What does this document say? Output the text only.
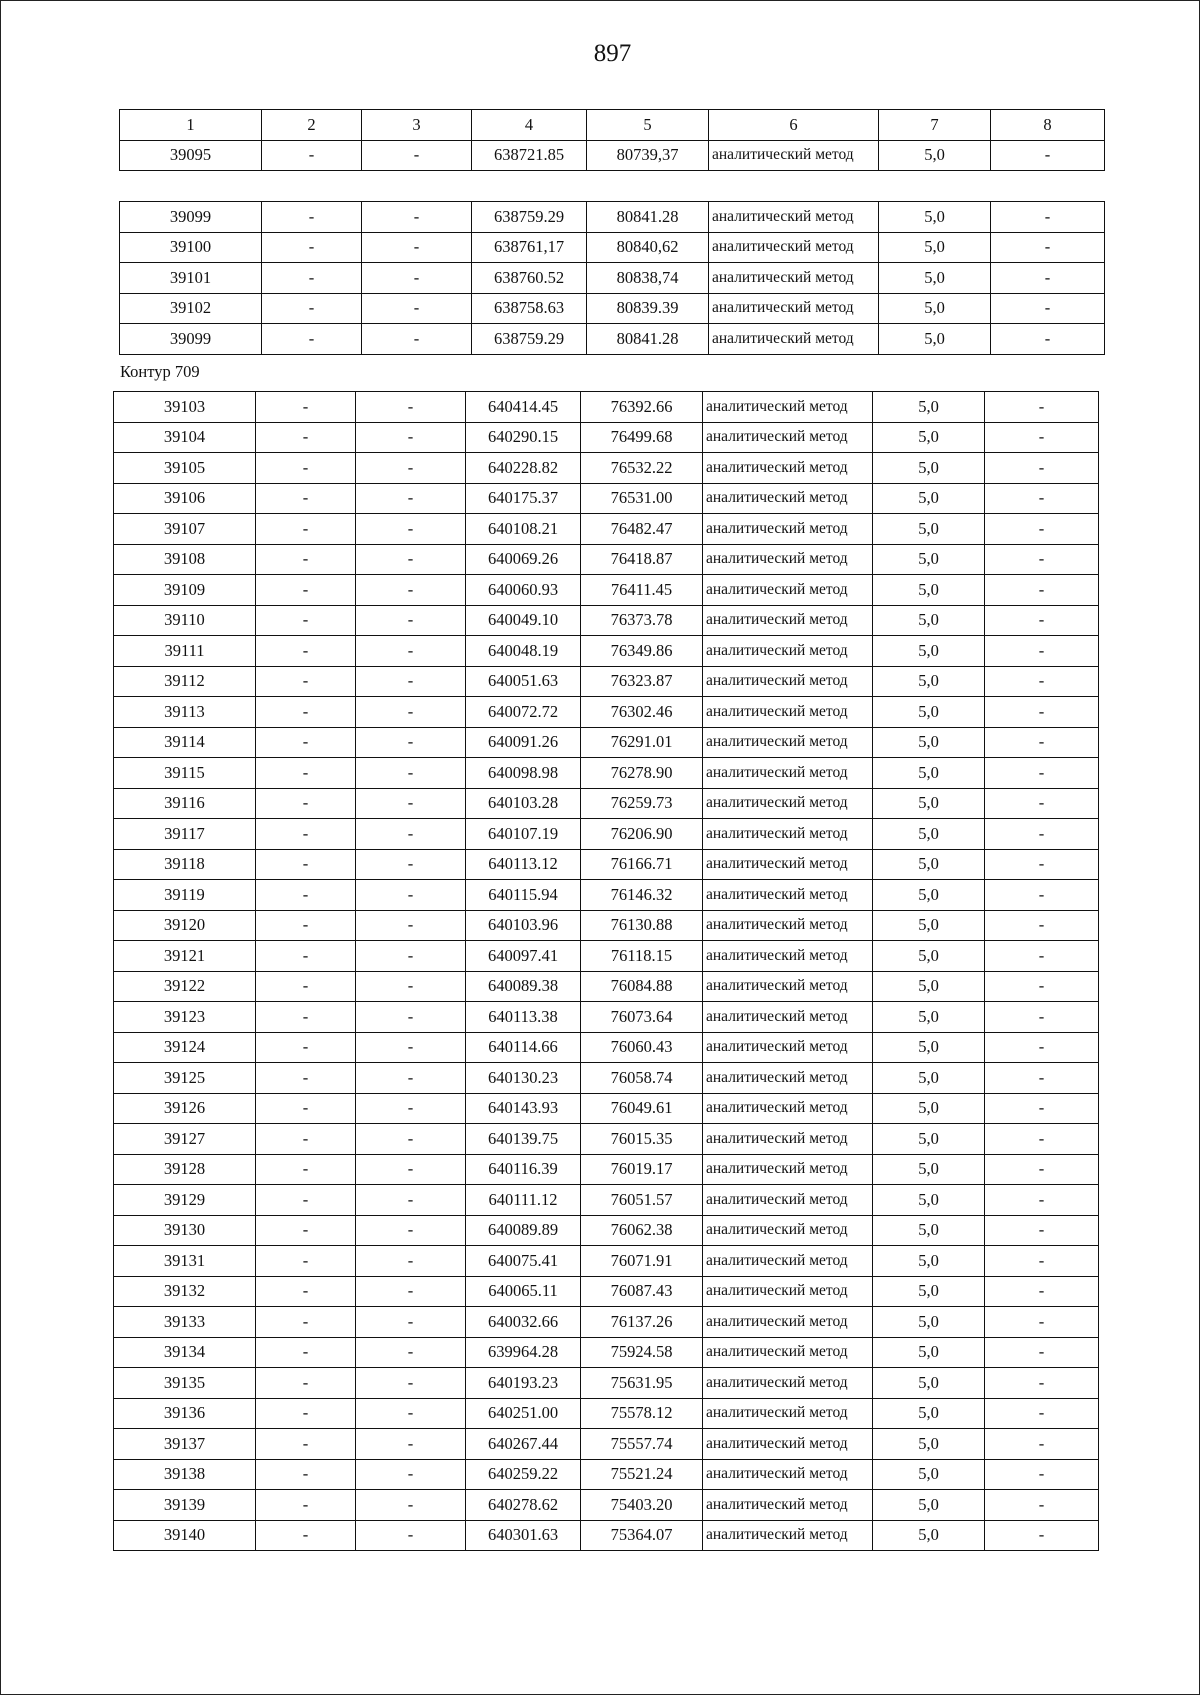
897
1	2	3	4	5	6	7	8
39095	-	-	638721.85	80739,37	аналитический метод	5,0	-
39099	-	-	638759.29	80841.28	аналитический метод	5,0	-
39100	-	-	638761,17	80840,62	аналитический метод	5,0	-
39101	-	-	638760.52	80838,74	аналитический метод	5,0	-
39102	-	-	638758.63	80839.39	аналитический метод	5,0	-
39099	-	-	638759.29	80841.28	аналитический метод	5,0	-
Контур 709
39103	-	-	640414.45	76392.66	аналитический метод	5,0	-
39104	-	-	640290.15	76499.68	аналитический метод	5,0	-
39105	-	-	640228.82	76532.22	аналитический метод	5,0	-
39106	-	-	640175.37	76531.00	аналитический метод	5,0	-
39107	-	-	640108.21	76482.47	аналитический метод	5,0	-
39108	-	-	640069.26	76418.87	аналитический метод	5,0	-
39109	-	-	640060.93	76411.45	аналитический метод	5,0	-
39110	-	-	640049.10	76373.78	аналитический метод	5,0	-
39111	-	-	640048.19	76349.86	аналитический метод	5,0	-
39112	-	-	640051.63	76323.87	аналитический метод	5,0	-
39113	-	-	640072.72	76302.46	аналитический метод	5,0	-
39114	-	-	640091.26	76291.01	аналитический метод	5,0	-
39115	-	-	640098.98	76278.90	аналитический метод	5,0	-
39116	-	-	640103.28	76259.73	аналитический метод	5,0	-
39117	-	-	640107.19	76206.90	аналитический метод	5,0	-
39118	-	-	640113.12	76166.71	аналитический метод	5,0	-
39119	-	-	640115.94	76146.32	аналитический метод	5,0	-
39120	-	-	640103.96	76130.88	аналитический метод	5,0	-
39121	-	-	640097.41	76118.15	аналитический метод	5,0	-
39122	-	-	640089.38	76084.88	аналитический метод	5,0	-
39123	-	-	640113.38	76073.64	аналитический метод	5,0	-
39124	-	-	640114.66	76060.43	аналитический метод	5,0	-
39125	-	-	640130.23	76058.74	аналитический метод	5,0	-
39126	-	-	640143.93	76049.61	аналитический метод	5,0	-
39127	-	-	640139.75	76015.35	аналитический метод	5,0	-
39128	-	-	640116.39	76019.17	аналитический метод	5,0	-
39129	-	-	640111.12	76051.57	аналитический метод	5,0	-
39130	-	-	640089.89	76062.38	аналитический метод	5,0	-
39131	-	-	640075.41	76071.91	аналитический метод	5,0	-
39132	-	-	640065.11	76087.43	аналитический метод	5,0	-
39133	-	-	640032.66	76137.26	аналитический метод	5,0	-
39134	-	-	639964.28	75924.58	аналитический метод	5,0	-
39135	-	-	640193.23	75631.95	аналитический метод	5,0	-
39136	-	-	640251.00	75578.12	аналитический метод	5,0	-
39137	-	-	640267.44	75557.74	аналитический метод	5,0	-
39138	-	-	640259.22	75521.24	аналитический метод	5,0	-
39139	-	-	640278.62	75403.20	аналитический метод	5,0	-
39140	-	-	640301.63	75364.07	аналитический метод	5,0	-
